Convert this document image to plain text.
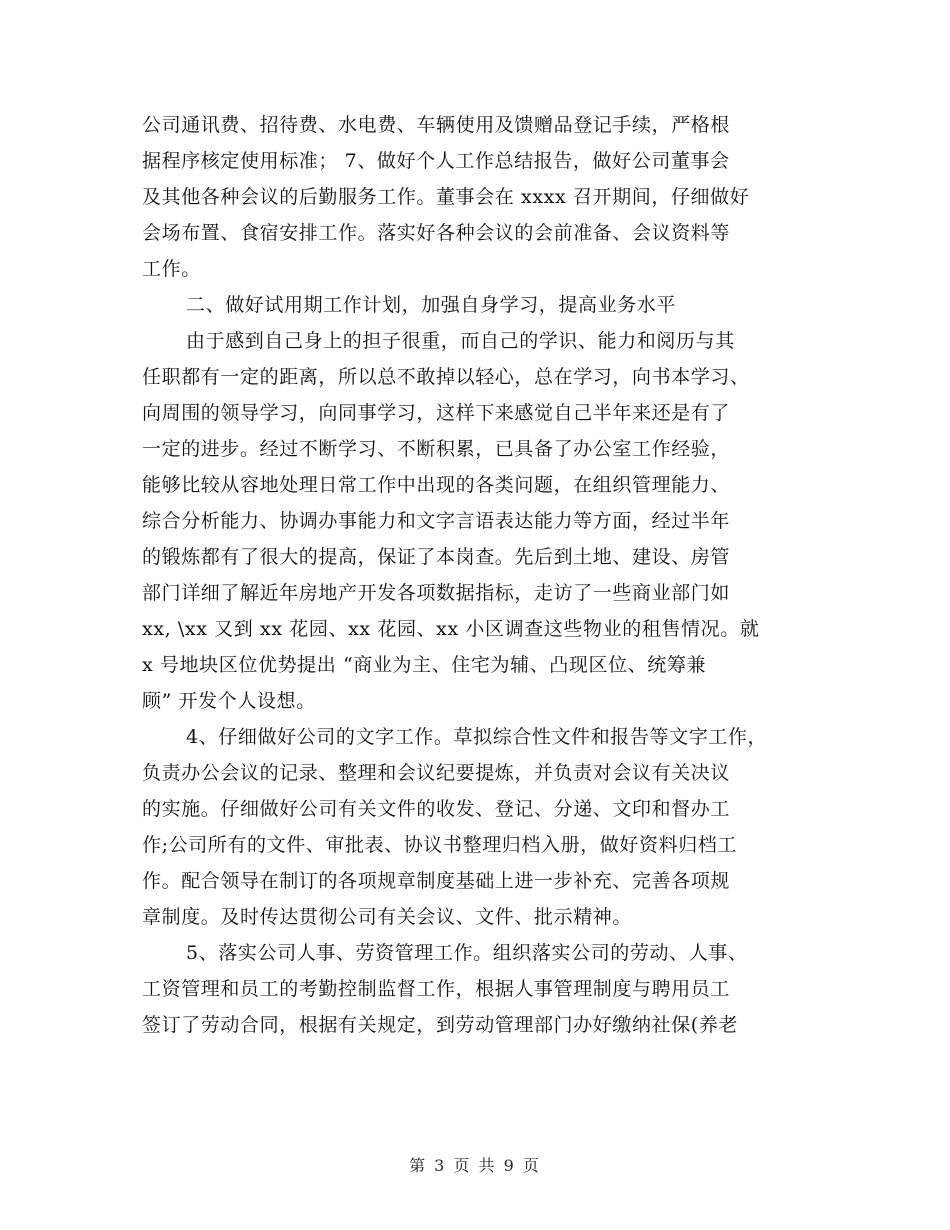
公司通讯费、招待费、水电费、车辆使用及馈赠品登记手续，严格根
据程序核定使用标准； 7、做好个人工作总结报告，做好公司董事会
及其他各种会议的后勤服务工作。董事会在 xxxx 召开期间，仔细做好
会场布置、食宿安排工作。落实好各种会议的会前准备、会议资料等
工作。
二、做好试用期工作计划，加强自身学习，提高业务水平
由于感到自己身上的担子很重，而自己的学识、能力和阅历与其
任职都有一定的距离，所以总不敢掉以轻心，总在学习，向书本学习、
向周围的领导学习，向同事学习，这样下来感觉自己半年来还是有了
一定的进步。经过不断学习、不断积累，已具备了办公室工作经验，
能够比较从容地处理日常工作中出现的各类问题，在组织管理能力、
综合分析能力、协调办事能力和文字言语表达能力等方面，经过半年
的锻炼都有了很大的提高，保证了本岗查。先后到土地、建设、房管
部门详细了解近年房地产开发各项数据指标，走访了一些商业部门如
xx, \xx 又到 xx 花园、xx 花园、xx 小区调查这些物业的租售情况。就
x 号地块区位优势提出 “商业为主、住宅为辅、凸现区位、统筹兼
顾” 开发个人设想。
4、仔细做好公司的文字工作。草拟综合性文件和报告等文字工作，
负责办公会议的记录、整理和会议纪要提炼，并负责对会议有关决议
的实施。仔细做好公司有关文件的收发、登记、分递、文印和督办工
作;公司所有的文件、审批表、协议书整理归档入册，做好资料归档工
作。配合领导在制订的各项规章制度基础上进一步补充、完善各项规
章制度。及时传达贯彻公司有关会议、文件、批示精神。
5、落实公司人事、劳资管理工作。组织落实公司的劳动、人事、
工资管理和员工的考勤控制监督工作，根据人事管理制度与聘用员工
签订了劳动合同，根据有关规定，到劳动管理部门办好缴纳社保(养老
第 3 页 共 9 页
